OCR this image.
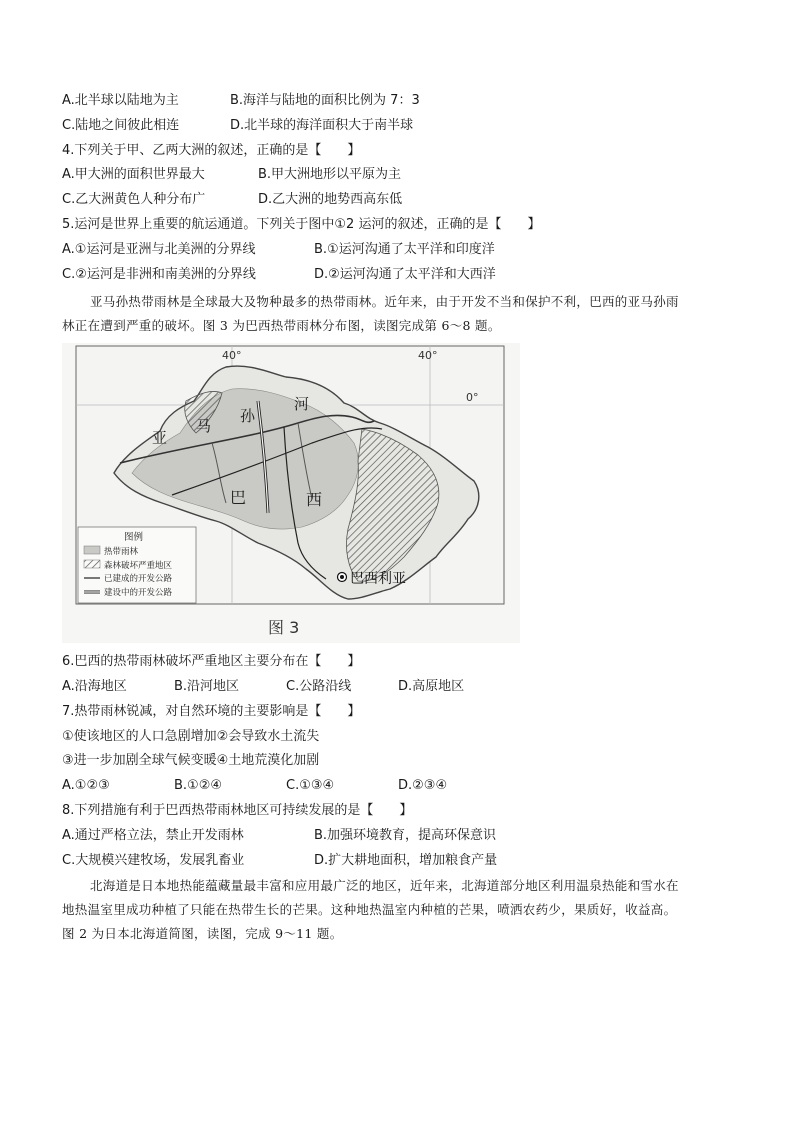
A.北半球以陆地为主	B.海洋与陆地的面积比例为 7：3
C.陆地之间彼此相连	D.北半球的海洋面积大于南半球
4.下列关于甲、乙两大洲的叙述，正确的是【　　】
A.甲大洲的面积世界最大	B.甲大洲地形以平原为主
C.乙大洲黄色人种分布广	D.乙大洲的地势西高东低
5.运河是世界上重要的航运通道。下列关于图中①2 运河的叙述，正确的是【　　】
A.①运河是亚洲与北美洲的分界线	B.①运河沟通了太平洋和印度洋
C.②运河是非洲和南美洲的分界线	D.②运河沟通了太平洋和大西洋
亚马孙热带雨林是全球最大及物种最多的热带雨林。近年来，由于开发不当和保护不利，巴西的亚马孙雨
林正在遭到严重的破坏。图 3 为巴西热带雨林分布图，读图完成第 6～8 题。
40°	40°
0°
亚
马
孙
河
巴	西
巴西利亚
图例
热带雨林
森林破坏严重地区
已建成的开发公路
建设中的开发公路
图 3
6.巴西的热带雨林破坏严重地区主要分布在【　　】
A.沿海地区	B.沿河地区	C.公路沿线	D.高原地区
7.热带雨林锐减，对自然环境的主要影响是【　　】
①使该地区的人口急剧增加②会导致水土流失
③进一步加剧全球气候变暖④土地荒漠化加剧
A.①②③	B.①②④	C.①③④	D.②③④
8.下列措施有利于巴西热带雨林地区可持续发展的是【　　】
A.通过严格立法，禁止开发雨林	B.加强环境教育，提高环保意识
C.大规模兴建牧场，发展乳畜业	D.扩大耕地面积，增加粮食产量
北海道是日本地热能蕴藏量最丰富和应用最广泛的地区，近年来，北海道部分地区利用温泉热能和雪水在
地热温室里成功种植了只能在热带生长的芒果。这种地热温室内种植的芒果，喷洒农药少，果质好，收益高。
图 2 为日本北海道简图，读图，完成 9～11 题。
